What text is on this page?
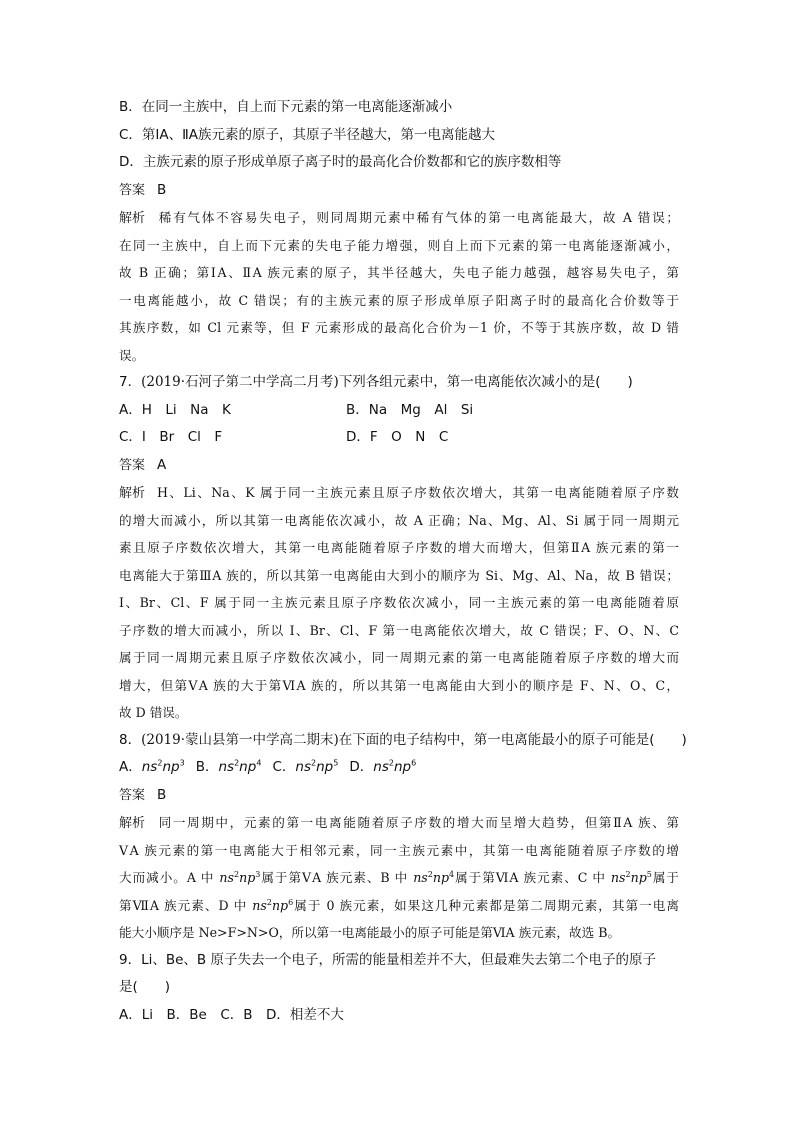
B．在同一主族中，自上而下元素的第一电离能逐渐减小
C．第ⅠA、ⅡA族元素的原子，其原子半径越大，第一电离能越大
D．主族元素的原子形成单原子离子时的最高化合价数都和它的族序数相等
答案 B
解析 稀有气体不容易失电子，则同周期元素中稀有气体的第一电离能最大，故 A 错误；
在同一主族中，自上而下元素的失电子能力增强，则自上而下元素的第一电离能逐渐减小，
故 B 正确；第ⅠA、ⅡA 族元素的原子，其半径越大，失电子能力越强，越容易失电子，第
一电离能越小，故 C 错误；有的主族元素的原子形成单原子阳离子时的最高化合价数等于
其族序数，如 Cl 元素等，但 F 元素形成的最高化合价为－1 价，不等于其族序数，故 D 错
误。
7．(2019·石河子第二中学高二月考)下列各组元素中，第一电离能依次减小的是(　　)
A．H　Li　Na　K	B．Na　Mg　Al　Si
C．I　Br　Cl　F	D．F　O　N　C
答案 A
解析 H、Li、Na、K 属于同一主族元素且原子序数依次增大，其第一电离能随着原子序数
的增大而减小，所以其第一电离能依次减小，故 A 正确；Na、Mg、Al、Si 属于同一周期元
素且原子序数依次增大，其第一电离能随着原子序数的增大而增大，但第ⅡA 族元素的第一
电离能大于第ⅢA 族的，所以其第一电离能由大到小的顺序为 Si、Mg、Al、Na，故 B 错误；
I、Br、Cl、F 属于同一主族元素且原子序数依次减小，同一主族元素的第一电离能随着原
子序数的增大而减小，所以 I、Br、Cl、F 第一电离能依次增大，故 C 错误；F、O、N、C
属于同一周期元素且原子序数依次减小，同一周期元素的第一电离能随着原子序数的增大而
增大，但第ⅤA 族的大于第ⅥA 族的，所以其第一电离能由大到小的顺序是 F、N、O、C，
故 D 错误。
8．(2019·蒙山县第一中学高二期末)在下面的电子结构中，第一电离能最小的原子可能是(　　)
A．$ns^2np^3$  B．$ns^2np^4$  C．$ns^2np^5$  D．$ns^2np^6$
答案 B
解析 同一周期中，元素的第一电离能随着原子序数的增大而呈增大趋势，但第ⅡA 族、第
ⅤA 族元素的第一电离能大于相邻元素，同一主族元素中，其第一电离能随着原子序数的增
大而减小。A 中 $ns^2np^3$属于第ⅤA 族元素、B 中 $ns^2np^4$属于第ⅥA 族元素、C 中 $ns^2np^5$属于
第ⅦA 族元素、D 中 $ns^2np^6$属于 0 族元素，如果这几种元素都是第二周期元素，其第一电离
能大小顺序是 Ne>F>N>O，所以第一电离能最小的原子可能是第ⅥA 族元素，故选 B。
9．Li、Be、B 原子失去一个电子，所需的能量相差并不大，但最难失去第二个电子的原子
是(　　)
A．Li　B．Be　C．B　D．相差不大
